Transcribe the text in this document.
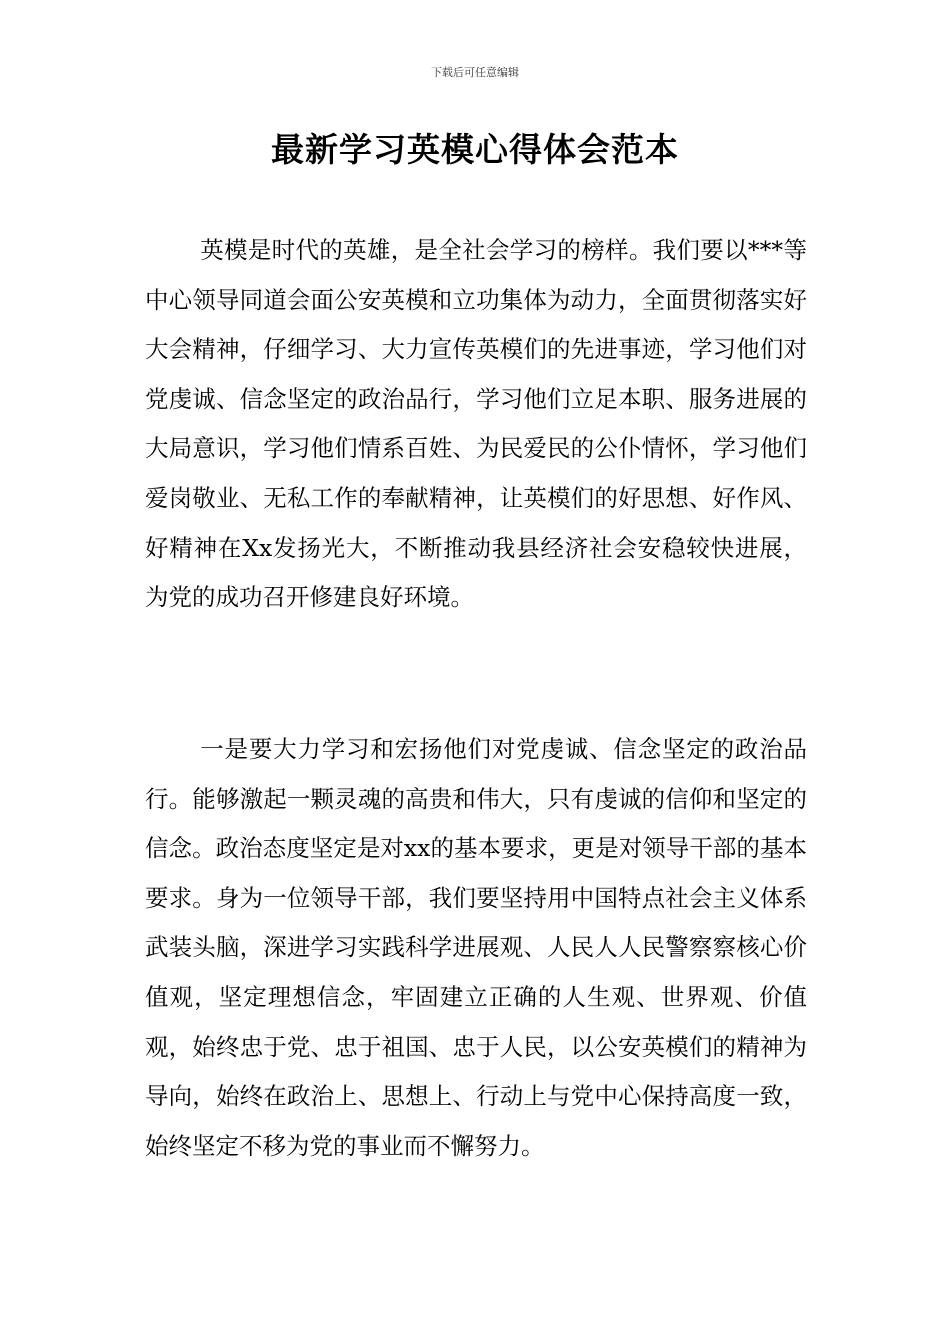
下载后可任意编辑
最新学习英模心得体会范本

英模是时代的英雄，是全社会学习的榜样。我们要以***等中心领导同道会面公安英模和立功集体为动力，全面贯彻落实好大会精神，仔细学习、大力宣传英模们的先进事迹，学习他们对党虔诚、信念坚定的政治品行，学习他们立足本职、服务进展的大局意识，学习他们情系百姓、为民爱民的公仆情怀，学习他们爱岗敬业、无私工作的奉献精神，让英模们的好思想、好作风、好精神在Xx发扬光大，不断推动我县经济社会安稳较快进展，为党的成功召开修建良好环境。

一是要大力学习和宏扬他们对党虔诚、信念坚定的政治品行。能够激起一颗灵魂的高贵和伟大，只有虔诚的信仰和坚定的信念。政治态度坚定是对xx的基本要求，更是对领导干部的基本要求。身为一位领导干部，我们要坚持用中国特点社会主义体系武装头脑，深进学习实践科学进展观、人民人人民警察察核心价值观，坚定理想信念，牢固建立正确的人生观、世界观、价值观，始终忠于党、忠于祖国、忠于人民，以公安英模们的精神为导向，始终在政治上、思想上、行动上与党中心保持高度一致，始终坚定不移为党的事业而不懈努力。
